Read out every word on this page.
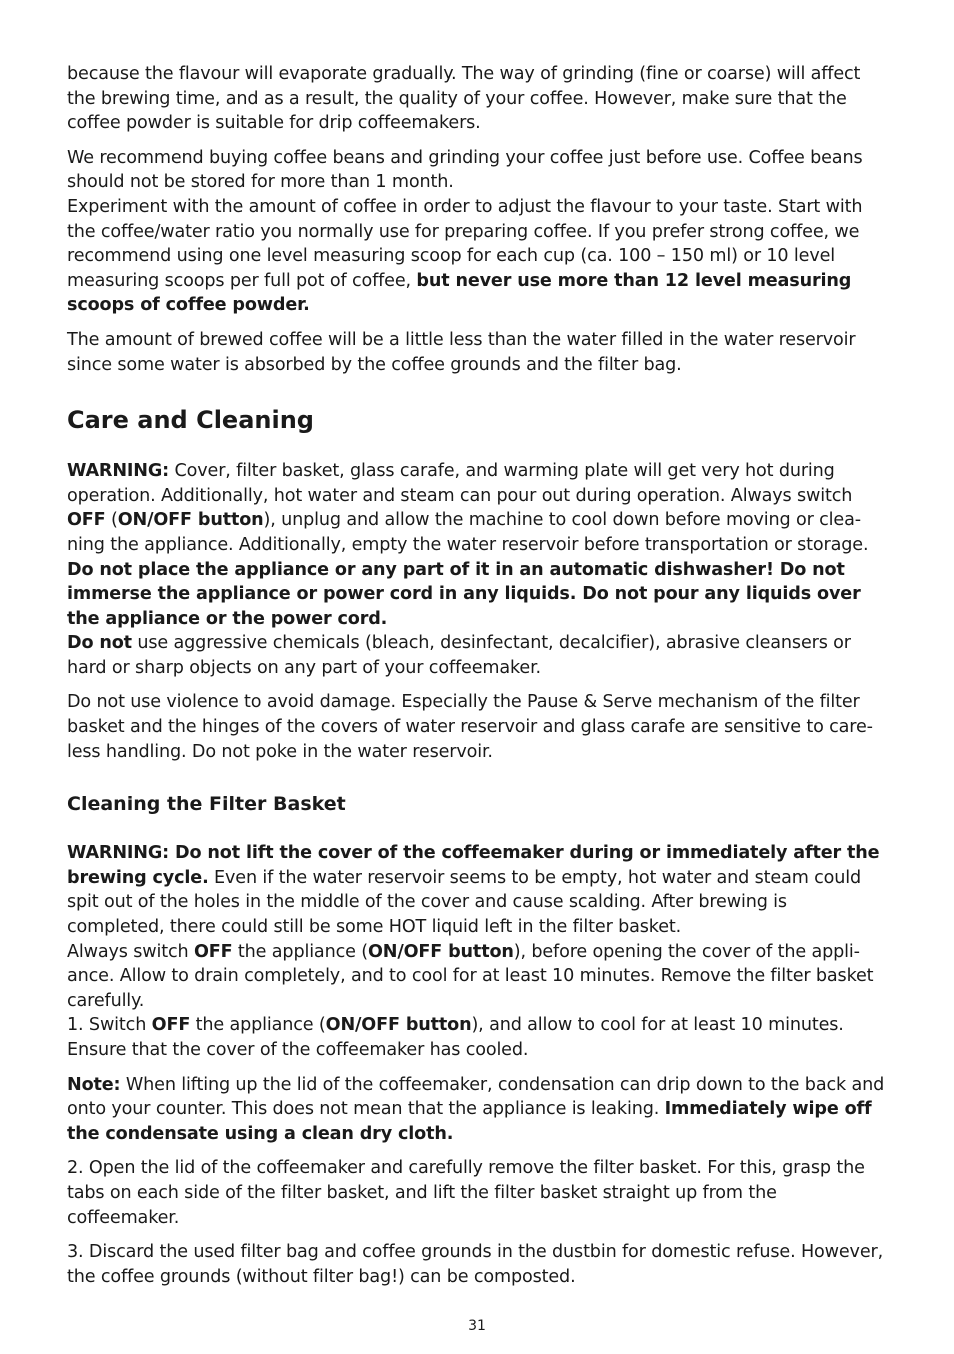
because the flavour will evaporate gradually. The way of grinding (fine or coarse) will affect the brewing time, and as a result, the quality of your coffee. However, make sure that the coffee powder is suitable for drip coffeemakers.

We recommend buying coffee beans and grinding your coffee just before use. Coffee beans should not be stored for more than 1 month.

Experiment with the amount of coffee in order to adjust the flavour to your taste. Start with the coffee/water ratio you normally use for preparing coffee. If you prefer strong coffee, we recommend using one level measuring scoop for each cup (ca. 100 – 150 ml) or 10 level measuring scoops per full pot of coffee, but never use more than 12 level measuring scoops of coffee powder.

The amount of brewed coffee will be a little less than the water filled in the water reservoir since some water is absorbed by the coffee grounds and the filter bag.

Care and Cleaning

WARNING: Cover, filter basket, glass carafe, and warming plate will get very hot during operation. Additionally, hot water and steam can pour out during operation. Always switch OFF (ON/OFF button), unplug and allow the machine to cool down before moving or clea-ning the appliance. Additionally, empty the water reservoir before transportation or storage.

Do not place the appliance or any part of it in an automatic dishwasher! Do not immerse the appliance or power cord in any liquids. Do not pour any liquids over the appliance or the power cord.

Do not use aggressive chemicals (bleach, desinfectant, decalcifier), abrasive cleansers or hard or sharp objects on any part of your coffeemaker.

Do not use violence to avoid damage. Especially the Pause & Serve mechanism of the filter basket and the hinges of the covers of water reservoir and glass carafe are sensitive to care-less handling. Do not poke in the water reservoir.

Cleaning the Filter Basket

WARNING: Do not lift the cover of the coffeemaker during or immediately after the brewing cycle. Even if the water reservoir seems to be empty, hot water and steam could spit out of the holes in the middle of the cover and cause scalding. After brewing is completed, there could still be some HOT liquid left in the filter basket.

Always switch OFF the appliance (ON/OFF button), before opening the cover of the appli-ance. Allow to drain completely, and to cool for at least 10 minutes. Remove the filter basket carefully.

1. Switch OFF the appliance (ON/OFF button), and allow to cool for at least 10 minutes. Ensure that the cover of the coffeemaker has cooled.

Note: When lifting up the lid of the coffeemaker, condensation can drip down to the back and onto your counter. This does not mean that the appliance is leaking. Immediately wipe off the condensate using a clean dry cloth.

2. Open the lid of the coffeemaker and carefully remove the filter basket. For this, grasp the tabs on each side of the filter basket, and lift the filter basket straight up from the coffeemaker.

3. Discard the used filter bag and coffee grounds in the dustbin for domestic refuse. However, the coffee grounds (without filter bag!) can be composted.

31
